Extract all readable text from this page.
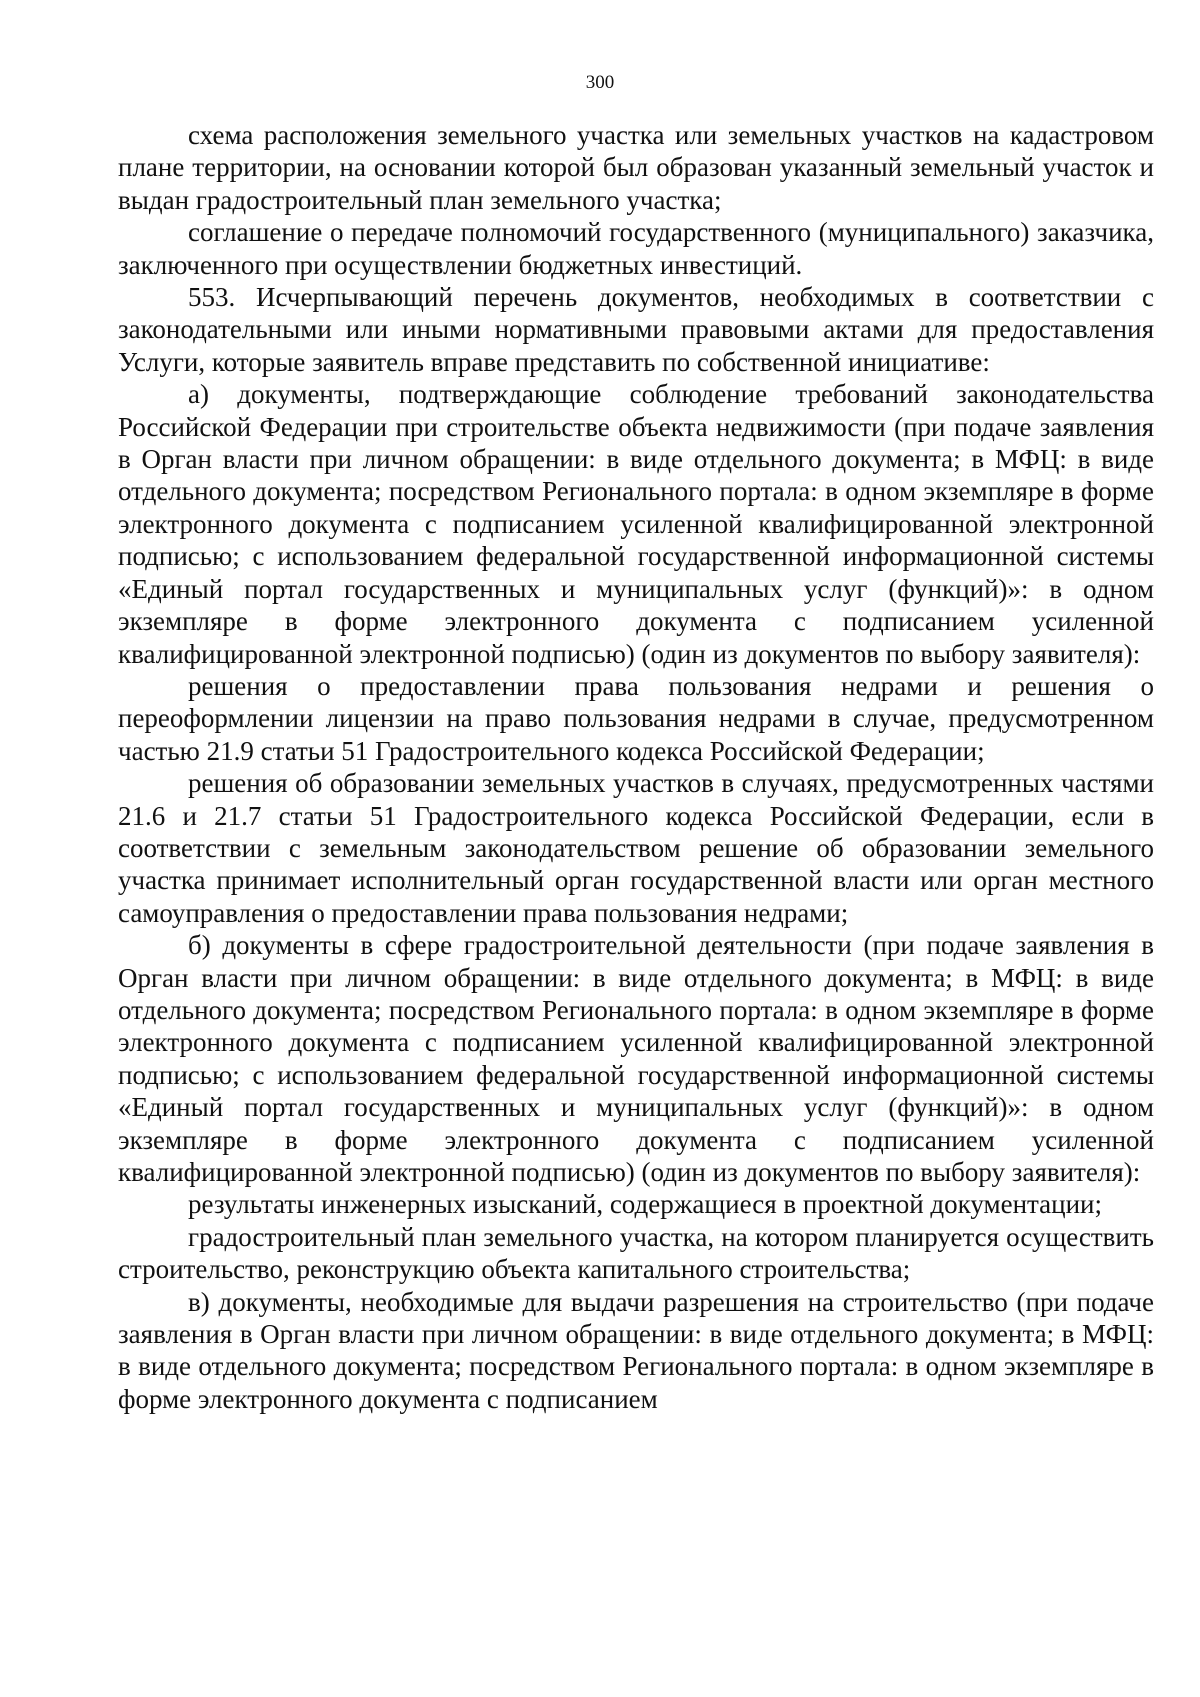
300

схема расположения земельного участка или земельных участков на кадастровом плане территории, на основании которой был образован указанный земельный участок и выдан градостроительный план земельного участка;

соглашение о передаче полномочий государственного (муниципального) заказчика, заключенного при осуществлении бюджетных инвестиций.

553. Исчерпывающий перечень документов, необходимых в соответствии с законодательными или иными нормативными правовыми актами для предоставления Услуги, которые заявитель вправе представить по собственной инициативе:

а) документы, подтверждающие соблюдение требований законодательства Российской Федерации при строительстве объекта недвижимости (при подаче заявления в Орган власти при личном обращении: в виде отдельного документа; в МФЦ: в виде отдельного документа; посредством Регионального портала: в одном экземпляре в форме электронного документа с подписанием усиленной квалифицированной электронной подписью; с использованием федеральной государственной информационной системы «Единый портал государственных и муниципальных услуг (функций)»: в одном экземпляре в форме электронного документа с подписанием усиленной квалифицированной электронной подписью) (один из документов по выбору заявителя):

решения о предоставлении права пользования недрами и решения о переоформлении лицензии на право пользования недрами в случае, предусмотренном частью 21.9 статьи 51 Градостроительного кодекса Российской Федерации;

решения об образовании земельных участков в случаях, предусмотренных частями 21.6 и 21.7 статьи 51 Градостроительного кодекса Российской Федерации, если в соответствии с земельным законодательством решение об образовании земельного участка принимает исполнительный орган государственной власти или орган местного самоуправления о предоставлении права пользования недрами;

б) документы в сфере градостроительной деятельности (при подаче заявления в Орган власти при личном обращении: в виде отдельного документа; в МФЦ: в виде отдельного документа; посредством Регионального портала: в одном экземпляре в форме электронного документа с подписанием усиленной квалифицированной электронной подписью; с использованием федеральной государственной информационной системы «Единый портал государственных и муниципальных услуг (функций)»: в одном экземпляре в форме электронного документа с подписанием усиленной квалифицированной электронной подписью) (один из документов по выбору заявителя):

результаты инженерных изысканий, содержащиеся в проектной документации;

градостроительный план земельного участка, на котором планируется осуществить строительство, реконструкцию объекта капитального строительства;

в) документы, необходимые для выдачи разрешения на строительство (при подаче заявления в Орган власти при личном обращении: в виде отдельного документа; в МФЦ: в виде отдельного документа; посредством Регионального портала: в одном экземпляре в форме электронного документа с подписанием
